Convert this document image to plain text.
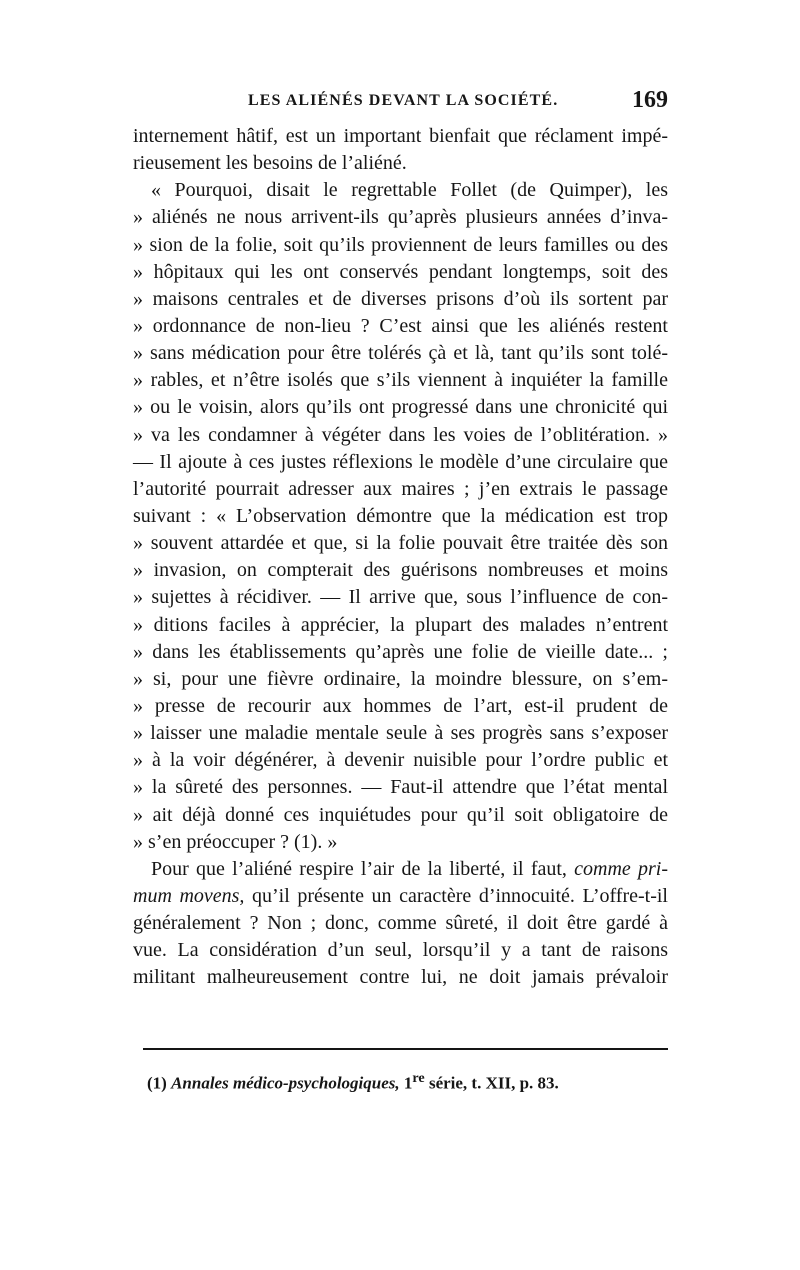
LES ALIÉNÉS DEVANT LA SOCIÉTÉ.	169
internement hâtif, est un important bienfait que réclament impé-
rieusement les besoins de l’aliéné.
« Pourquoi, disait le regrettable Follet (de Quimper), les
» aliénés ne nous arrivent-ils qu’après plusieurs années d’inva-
» sion de la folie, soit qu’ils proviennent de leurs familles ou des
» hôpitaux qui les ont conservés pendant longtemps, soit des
» maisons centrales et de diverses prisons d’où ils sortent par
» ordonnance de non-lieu ? C’est ainsi que les aliénés restent
» sans médication pour être tolérés çà et là, tant qu’ils sont tolé-
» rables, et n’être isolés que s’ils viennent à inquiéter la famille
» ou le voisin, alors qu’ils ont progressé dans une chronicité qui
» va les condamner à végéter dans les voies de l’oblitération. »
— Il ajoute à ces justes réflexions le modèle d’une circulaire que
l’autorité pourrait adresser aux maires ; j’en extrais le passage
suivant : « L’observation démontre que la médication est trop
» souvent attardée et que, si la folie pouvait être traitée dès son
» invasion, on compterait des guérisons nombreuses et moins
» sujettes à récidiver. — Il arrive que, sous l’influence de con-
» ditions faciles à apprécier, la plupart des malades n’entrent
» dans les établissements qu’après une folie de vieille date... ;
» si, pour une fièvre ordinaire, la moindre blessure, on s’em-
» presse de recourir aux hommes de l’art, est-il prudent de
» laisser une maladie mentale seule à ses progrès sans s’exposer
» à la voir dégénérer, à devenir nuisible pour l’ordre public et
» la sûreté des personnes. — Faut-il attendre que l’état mental
» ait déjà donné ces inquiétudes pour qu’il soit obligatoire de
» s’en préoccuper ? (1). »
Pour que l’aliéné respire l’air de la liberté, il faut, comme pri-
mum movens, qu’il présente un caractère d’innocuité. L’offre-t-il
généralement ? Non ; donc, comme sûreté, il doit être gardé à
vue. La considération d’un seul, lorsqu’il y a tant de raisons
militant malheureusement contre lui, ne doit jamais prévaloir
(1) Annales médico-psychologiques, 1re série, t. XII, p. 83.
